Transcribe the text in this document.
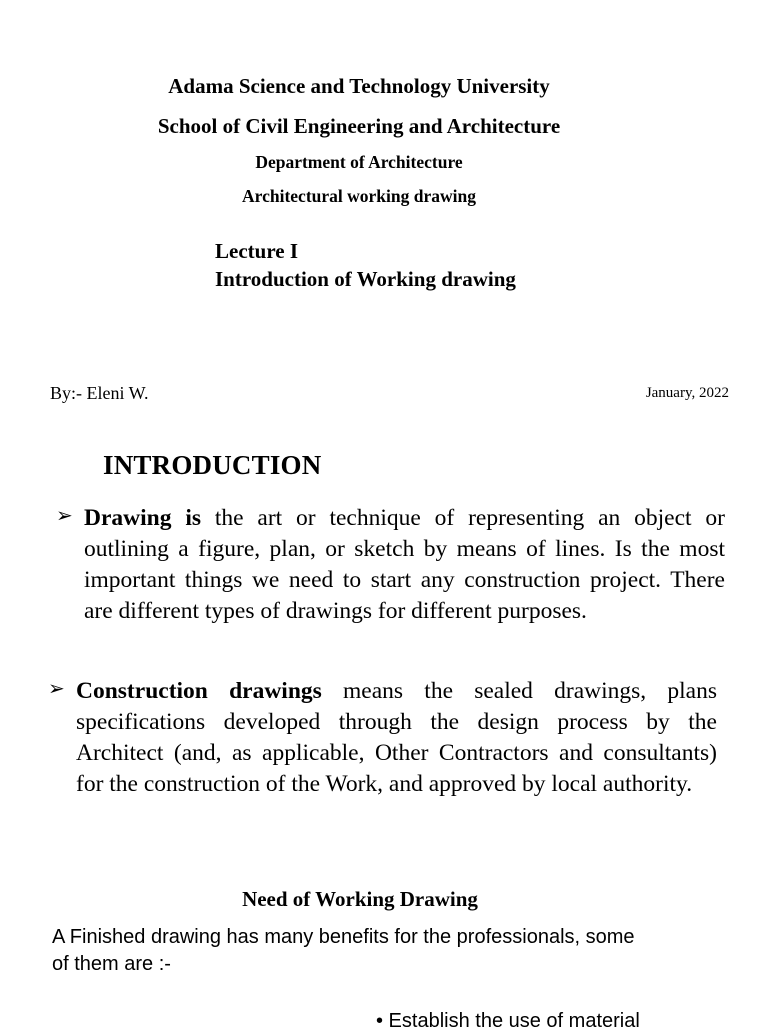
Adama Science and Technology University
School of Civil Engineering and Architecture
Department of Architecture
Architectural working drawing
Lecture I
Introduction of Working drawing
By:- Eleni W.	January, 2022
INTRODUCTION
➢ Drawing is the art or technique of representing an object or outlining a figure, plan, or sketch by means of lines. Is the most important things we need to start any construction project. There are different types of drawings for different purposes.

➢ Construction drawings means the sealed drawings, plans specifications developed through the design process by the Architect (and, as applicable, Other Contractors and consultants) for the construction of the Work, and approved by local authority.

Need of Working Drawing
A Finished drawing has many benefits for the professionals, some of them are :-
• Establish the use of material
